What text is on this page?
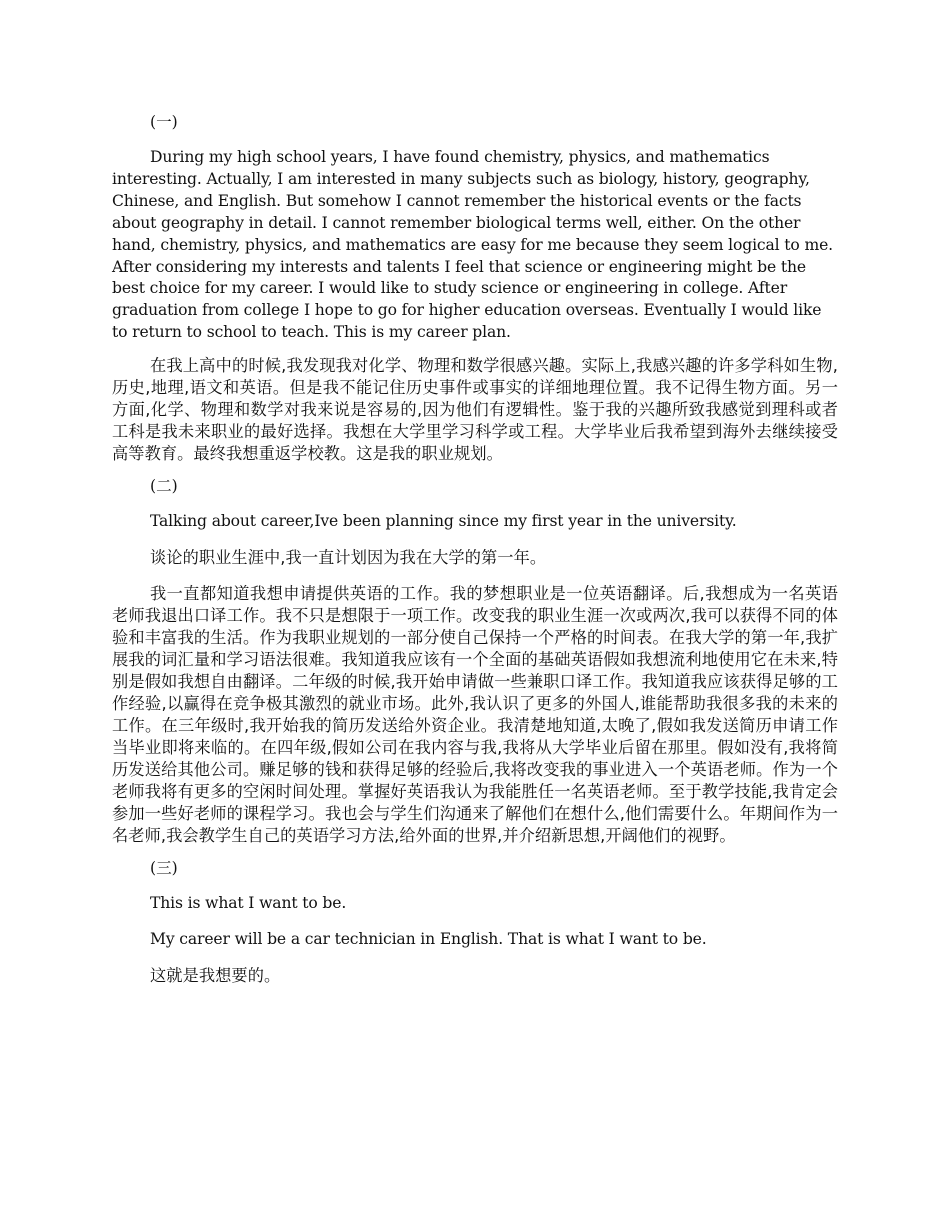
(一)

During my high school years, I have found chemistry, physics, and mathematics interesting. Actually, I am interested in many subjects such as biology, history, geography, Chinese, and English. But somehow I cannot remember the historical events or the facts about geography in detail. I cannot remember biological terms well, either. On the other hand, chemistry, physics, and mathematics are easy for me because they seem logical to me. After considering my interests and talents I feel that science or engineering might be the best choice for my career. I would like to study science or engineering in college. After graduation from college I hope to go for higher education overseas. Eventually I would like to return to school to teach. This is my career plan.

在我上高中的时候,我发现我对化学、物理和数学很感兴趣。实际上,我感兴趣的许多学科如生物,历史,地理,语文和英语。但是我不能记住历史事件或事实的详细地理位置。我不记得生物方面。另一方面,化学、物理和数学对我来说是容易的,因为他们有逻辑性。鉴于我的兴趣所致我感觉到理科或者工科是我未来职业的最好选择。我想在大学里学习科学或工程。大学毕业后我希望到海外去继续接受高等教育。最终我想重返学校教。这是我的职业规划。

(二)

Talking about career,Ive been planning since my first year in the university.

谈论的职业生涯中,我一直计划因为我在大学的第一年。

我一直都知道我想申请提供英语的工作。我的梦想职业是一位英语翻译。后,我想成为一名英语老师我退出口译工作。我不只是想限于一项工作。改变我的职业生涯一次或两次,我可以获得不同的体验和丰富我的生活。作为我职业规划的一部分使自己保持一个严格的时间表。在我大学的第一年,我扩展我的词汇量和学习语法很难。我知道我应该有一个全面的基础英语假如我想流利地使用它在未来,特别是假如我想自由翻译。二年级的时候,我开始申请做一些兼职口译工作。我知道我应该获得足够的工作经验,以赢得在竞争极其激烈的就业市场。此外,我认识了更多的外国人,谁能帮助我很多我的未来的工作。在三年级时,我开始我的简历发送给外资企业。我清楚地知道,太晚了,假如我发送简历申请工作当毕业即将来临的。在四年级,假如公司在我内容与我,我将从大学毕业后留在那里。假如没有,我将简历发送给其他公司。赚足够的钱和获得足够的经验后,我将改变我的事业进入一个英语老师。作为一个老师我将有更多的空闲时间处理。掌握好英语我认为我能胜任一名英语老师。至于教学技能,我肯定会参加一些好老师的课程学习。我也会与学生们沟通来了解他们在想什么,他们需要什么。年期间作为一名老师,我会教学生自己的英语学习方法,给外面的世界,并介绍新思想,开阔他们的视野。

(三)

This is what I want to be.

My career will be a car technician in English. That is what I want to be.

这就是我想要的。
